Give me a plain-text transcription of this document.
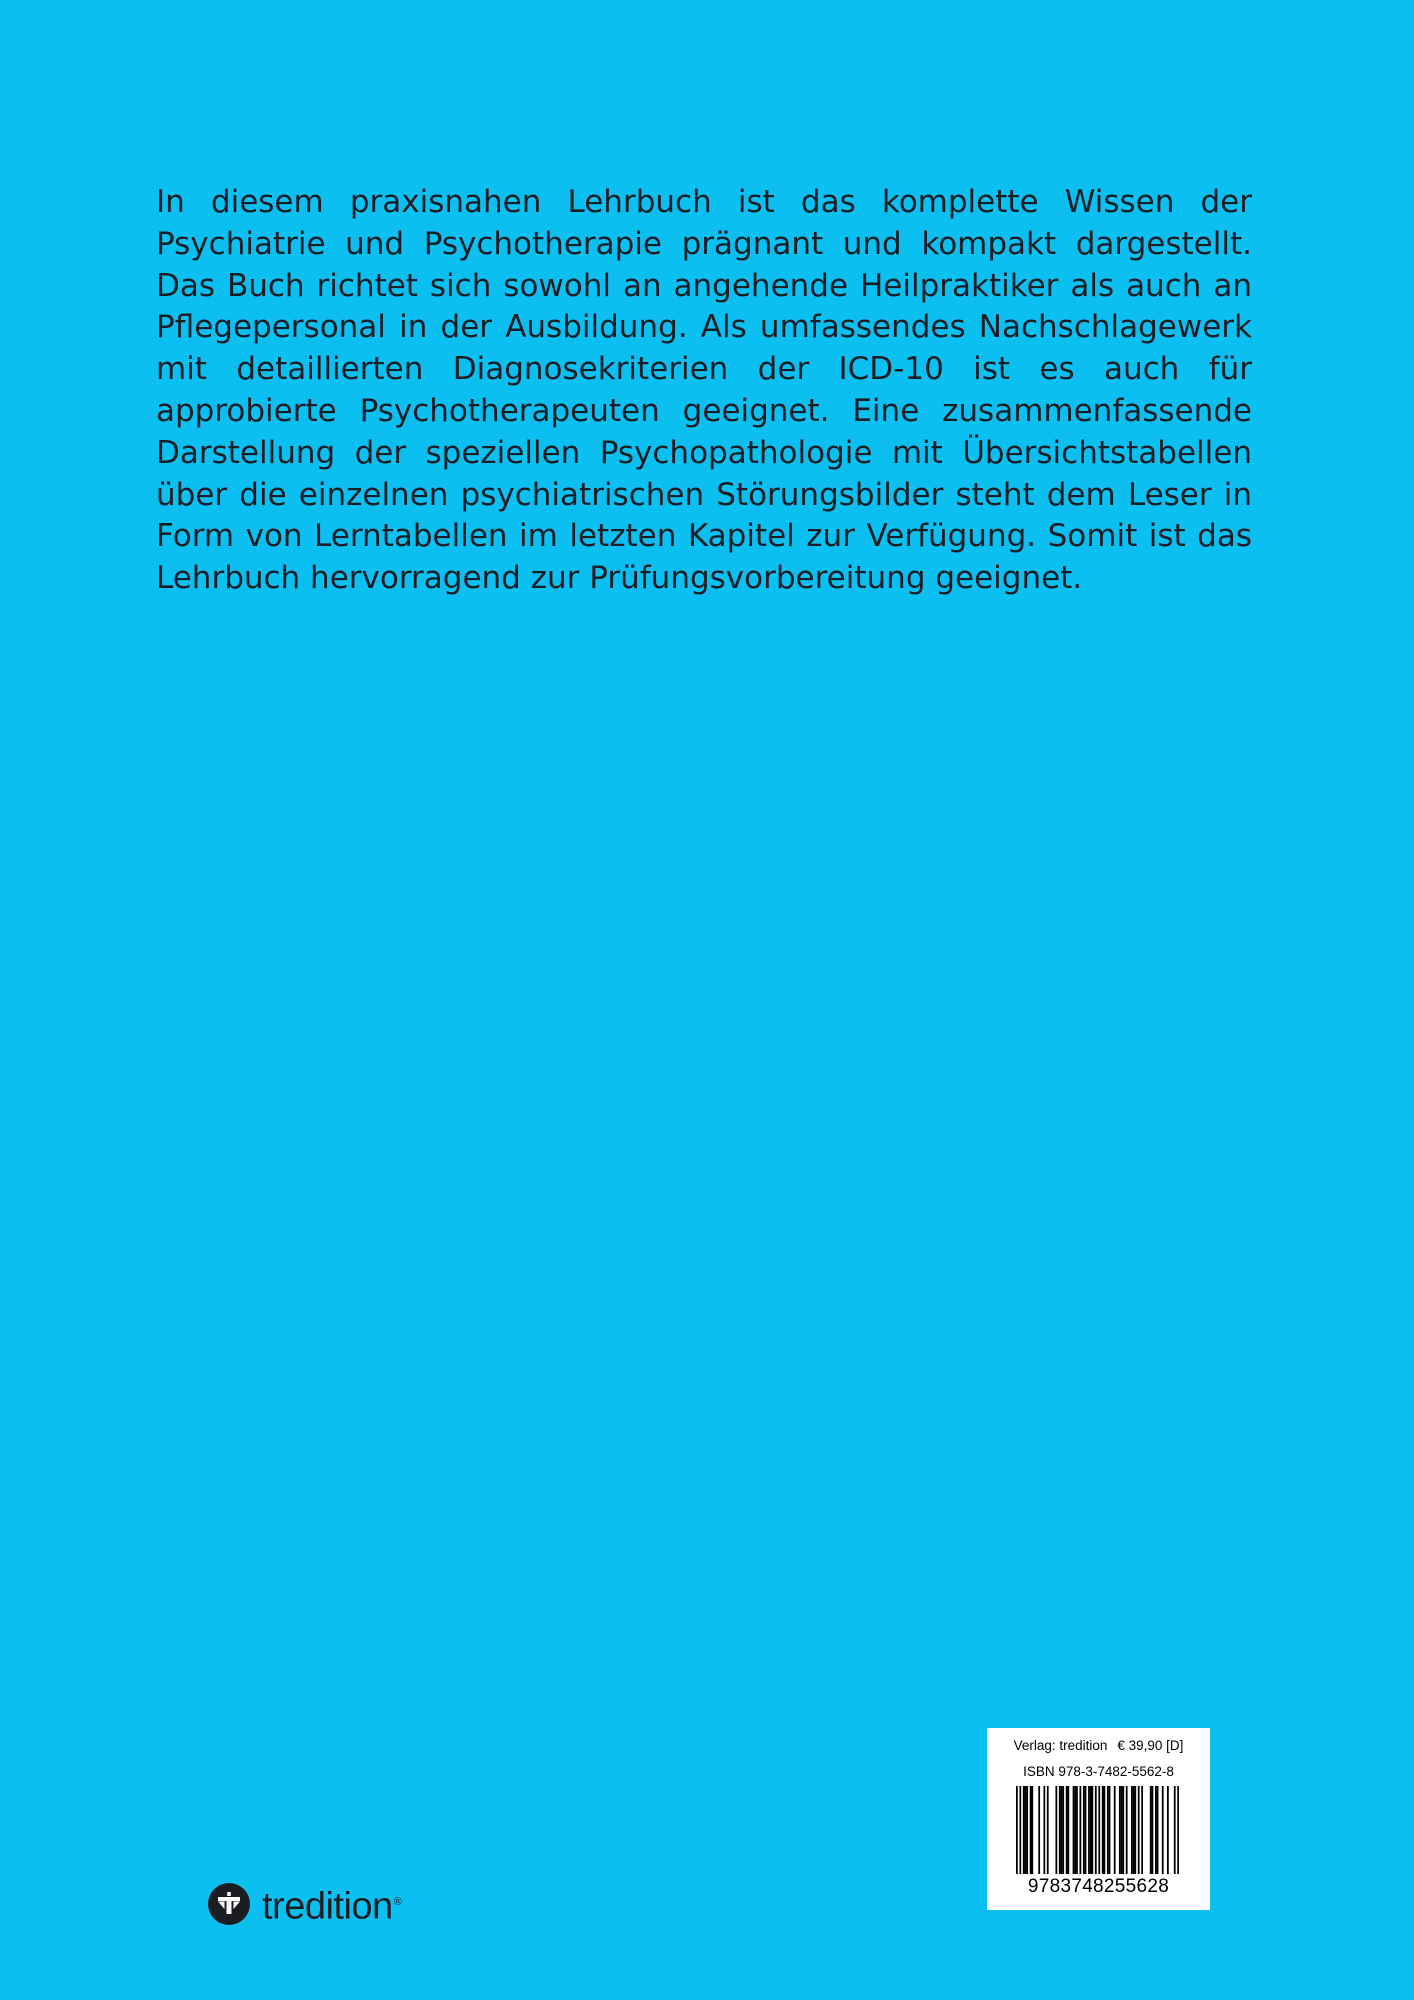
In diesem praxisnahen Lehrbuch ist das komplette Wissen der Psychiatrie und Psychotherapie prägnant und kompakt dargestellt. Das Buch richtet sich sowohl an angehende Heilpraktiker als auch an Pflegepersonal in der Ausbildung. Als umfassendes Nachschlagewerk mit detaillierten Diagnosekriterien der ICD-10 ist es auch für approbierte Psychotherapeuten geeignet. Eine zusammenfassende Darstellung der speziellen Psychopathologie mit Übersichtstabellen über die einzelnen psychiatrischen Störungsbilder steht dem Leser in Form von Lerntabellen im letzten Kapitel zur Verfügung. Somit ist das Lehrbuch hervorragend zur Prüfungsvorbereitung geeignet.

tredition®
Verlag: tredition € 39,90 [D]
ISBN 978-3-7482-5562-8
9783748255628
